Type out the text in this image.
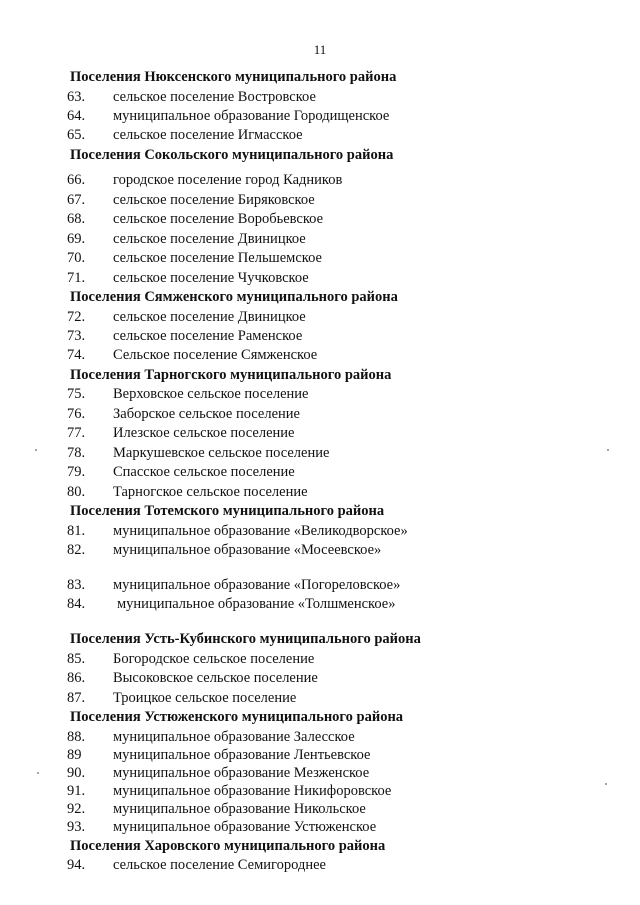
11
Поселения Нюксенского муниципального района
63. сельское поселение Востровское
64. муниципальное образование Городищенское
65. сельское поселение Игмасское
Поселения Сокольского муниципального района
66. городское поселение город Кадников
67. сельское поселение Биряковское
68. сельское поселение Воробьевское
69. сельское поселение Двиницкое
70. сельское поселение Пельшемское
71. сельское поселение Чучковское
Поселения Сямженского муниципального района
72. сельское поселение Двиницкое
73. сельское поселение Раменское
74. Сельское поселение Сямженское
Поселения Тарногского муниципального района
75. Верховское сельское поселение
76. Заборское сельское поселение
77. Илезское сельское поселение
78. Маркушевское сельское поселение
79. Спасское сельское поселение
80. Тарногское сельское поселение
Поселения Тотемского муниципального района
81. муниципальное образование «Великодворское»
82. муниципальное образование «Мосеевское»
83. муниципальное образование «Погореловское»
84. муниципальное образование «Толшменское»
Поселения Усть-Кубинского муниципального района
85. Богородское сельское поселение
86. Высоковское сельское поселение
87. Троицкое сельское поселение
Поселения Устюженского муниципального района
88. муниципальное образование Залесское
89 муниципальное образование Лентьевское
90. муниципальное образование Мезженское
91. муниципальное образование Никифоровское
92. муниципальное образование Никольское
93. муниципальное образование Устюженское
Поселения Харовского муниципального района
94. сельское поселение Семигороднее
